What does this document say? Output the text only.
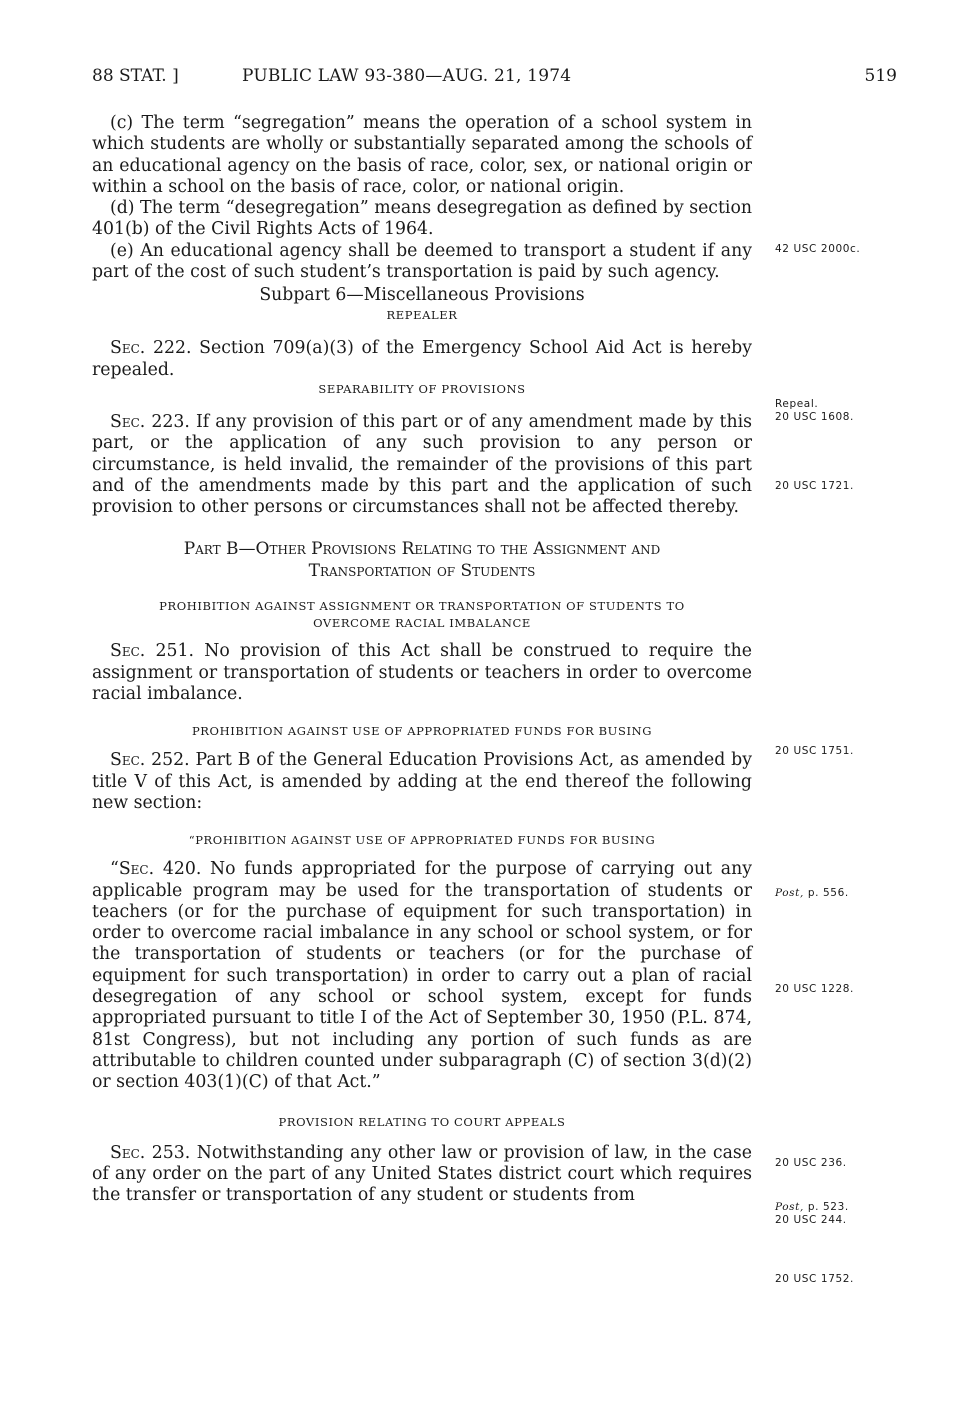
88 STAT. ]	PUBLIC LAW 93-380—AUG. 21, 1974	519

(c) The term “segregation” means the operation of a school system in which students are wholly or substantially separated among the schools of an educational agency on the basis of race, color, sex, or national origin or within a school on the basis of race, color, or national origin.

(d) The term “desegregation” means desegregation as defined by section 401(b) of the Civil Rights Acts of 1964.

(e) An educational agency shall be deemed to transport a student if any part of the cost of such student’s transportation is paid by such agency.

Subpart 6—Miscellaneous Provisions

REPEALER

Sec. 222. Section 709(a)(3) of the Emergency School Aid Act is hereby repealed.

SEPARABILITY OF PROVISIONS

Sec. 223. If any provision of this part or of any amendment made by this part, or the application of any such provision to any person or circumstance, is held invalid, the remainder of the provisions of this part and of the amendments made by this part and the application of such provision to other persons or circumstances shall not be affected thereby.

Part B—Other Provisions Relating to the Assignment and

Transportation of Students

PROHIBITION AGAINST ASSIGNMENT OR TRANSPORTATION OF STUDENTS TO

OVERCOME RACIAL IMBALANCE

Sec. 251. No provision of this Act shall be construed to require the assignment or transportation of students or teachers in order to overcome racial imbalance.

PROHIBITION AGAINST USE OF APPROPRIATED FUNDS FOR BUSING

Sec. 252. Part B of the General Education Provisions Act, as amended by title V of this Act, is amended by adding at the end thereof the following new section:

“PROHIBITION AGAINST USE OF APPROPRIATED FUNDS FOR BUSING

“Sec. 420. No funds appropriated for the purpose of carrying out any applicable program may be used for the transportation of students or teachers (or for the purchase of equipment for such transportation) in order to overcome racial imbalance in any school or school system, or for the transportation of students or teachers (or for the purchase of equipment for such transportation) in order to carry out a plan of racial desegregation of any school or school system, except for funds appropriated pursuant to title I of the Act of September 30, 1950 (P.L. 874, 81st Congress), but not including any portion of such funds as are attributable to children counted under subparagraph (C) of section 3(d)(2) or section 403(1)(C) of that Act.”

PROVISION RELATING TO COURT APPEALS

Sec. 253. Notwithstanding any other law or provision of law, in the case of any order on the part of any United States district court which requires the transfer or transportation of any student or students from

42 USC 2000c.
Repeal.
20 USC 1608.
20 USC 1721.
20 USC 1751.
Post, p. 556.
20 USC 1228.
20 USC 236.
Post, p. 523.
20 USC 244.
20 USC 1752.
